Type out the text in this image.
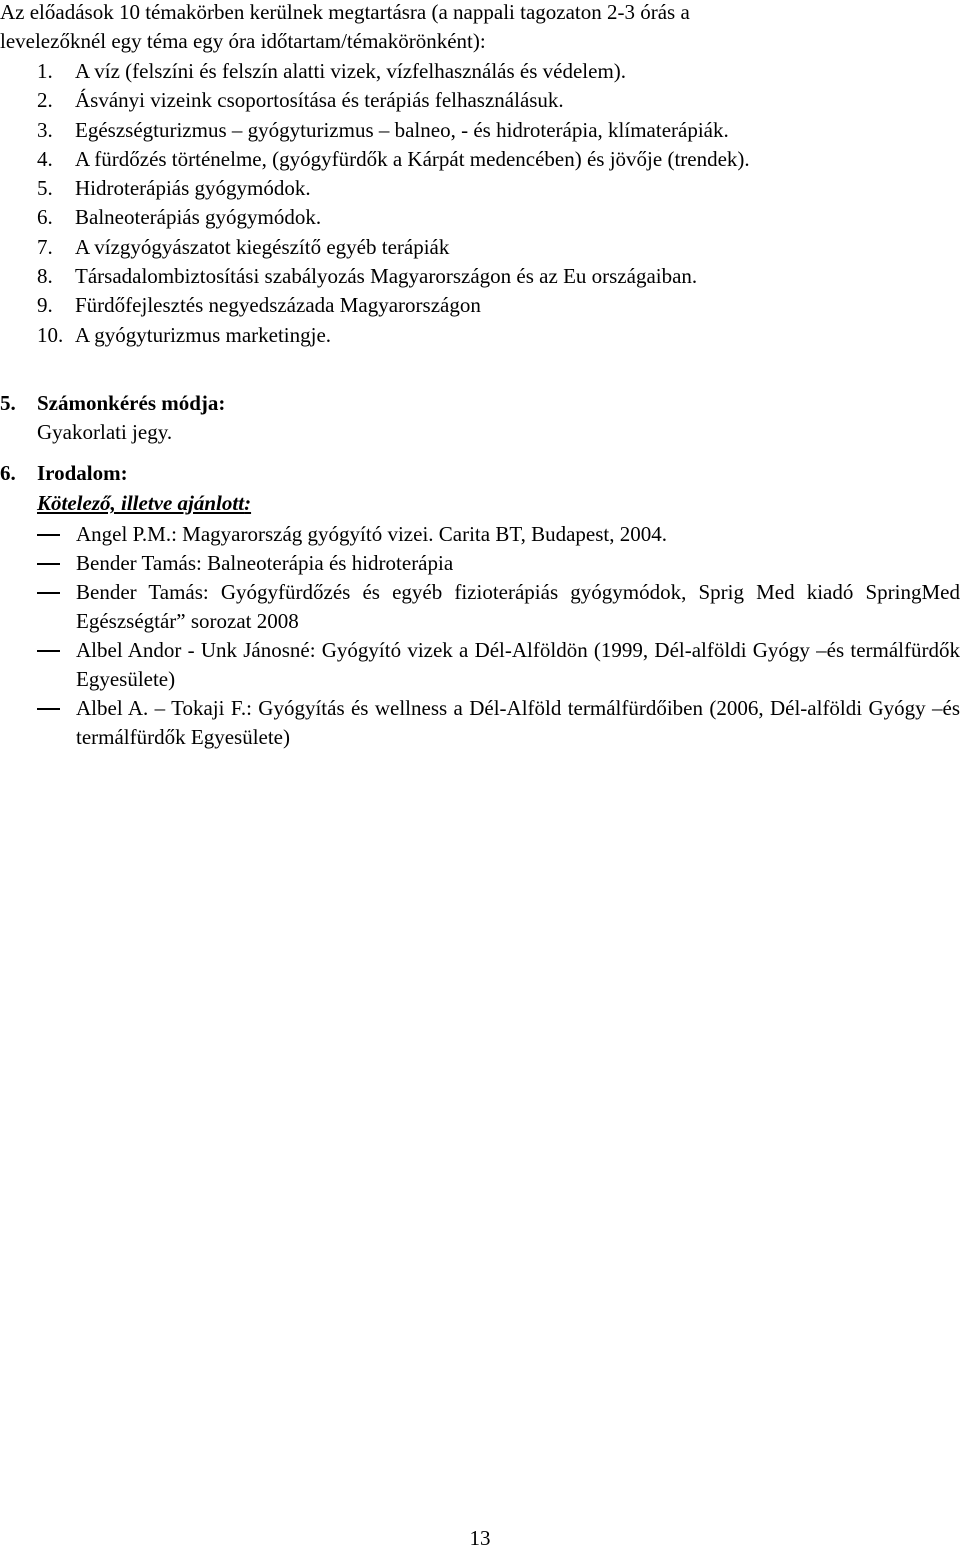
Az előadások 10 témakörben kerülnek megtartásra (a nappali tagozaton 2-3 órás a
levelezőknél egy téma egy óra időtartam/témakörönként):
1. A víz (felszíni és felszín alatti vizek, vízfelhasználás és védelem).
2. Ásványi vizeink csoportosítása és terápiás felhasználásuk.
3. Egészségturizmus – gyógyturizmus – balneo, - és hidroterápia, klímaterápiák.
4. A fürdőzés történelme, (gyógyfürdők a Kárpát medencében) és jövője (trendek).
5. Hidroterápiás gyógymódok.
6. Balneoterápiás gyógymódok.
7. A vízgyógyászatot kiegészítő egyéb terápiák
8. Társadalombiztosítási szabályozás Magyarországon és az Eu országaiban.
9. Fürdőfejlesztés negyedszázada Magyarországon
10. A gyógyturizmus marketingje.
5. Számonkérés módja:
Gyakorlati jegy.
6. Irodalom:
Kötelező, illetve ajánlott:
Angel P.M.: Magyarország gyógyító vizei. Carita BT, Budapest, 2004.
Bender Tamás: Balneoterápia és hidroterápia
Bender Tamás: Gyógyfürdőzés és egyéb fizioterápiás gyógymódok, Sprig Med kiadó SpringMed Egészségtár” sorozat 2008
Albel Andor - Unk Jánosné: Gyógyító vizek a Dél-Alföldön (1999, Dél-alföldi Gyógy –és termálfürdők Egyesülete)
Albel A. – Tokaji F.: Gyógyítás és wellness a Dél-Alföld termálfürdőiben (2006, Dél-alföldi Gyógy –és termálfürdők Egyesülete)
13
